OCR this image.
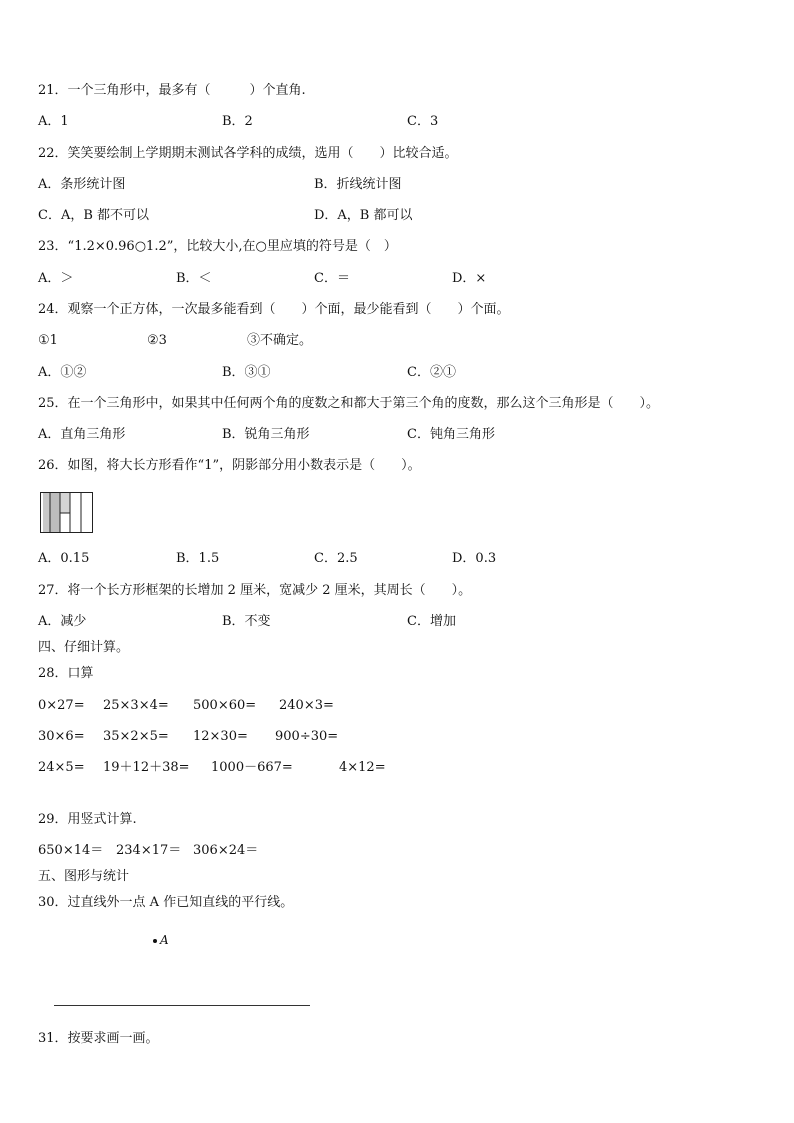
21．一个三角形中，最多有（　　　）个直角.
A．1	B．2	C．3
22．笑笑要绘制上学期期末测试各学科的成绩，选用（　　）比较合适。
A．条形统计图	B．折线统计图
C．A，B 都不可以	D．A，B 都可以
23．“1.2×0.96○1.2”，比较大小,在○里应填的符号是（　）
A．＞	B．＜	C．＝	D．×
24．观察一个正方体，一次最多能看到（　　）个面，最少能看到（　　）个面。
①1	②3	③不确定。
A．①②	B．③①	C．②①
25．在一个三角形中，如果其中任何两个角的度数之和都大于第三个角的度数，那么这个三角形是（　　）。
A．直角三角形	B．锐角三角形	C．钝角三角形
26．如图，将大长方形看作“1”，阴影部分用小数表示是（　　）。
A．0.15	B．1.5	C．2.5	D．0.3
27．将一个长方形框架的长增加 2 厘米，宽减少 2 厘米，其周长（　　）。
A．减少	B．不变	C．增加
四、仔细计算。
28．口算
0×27= 25×3×4= 500×60= 240×3=
30×6= 35×2×5= 12×30= 900÷30=
24×5= 19＋12＋38= 1000－667=	4×12=
29．用竖式计算.
650×14＝ 234×17＝ 306×24＝
五、图形与统计
30．过直线外一点 A 作已知直线的平行线。
A
31．按要求画一画。
